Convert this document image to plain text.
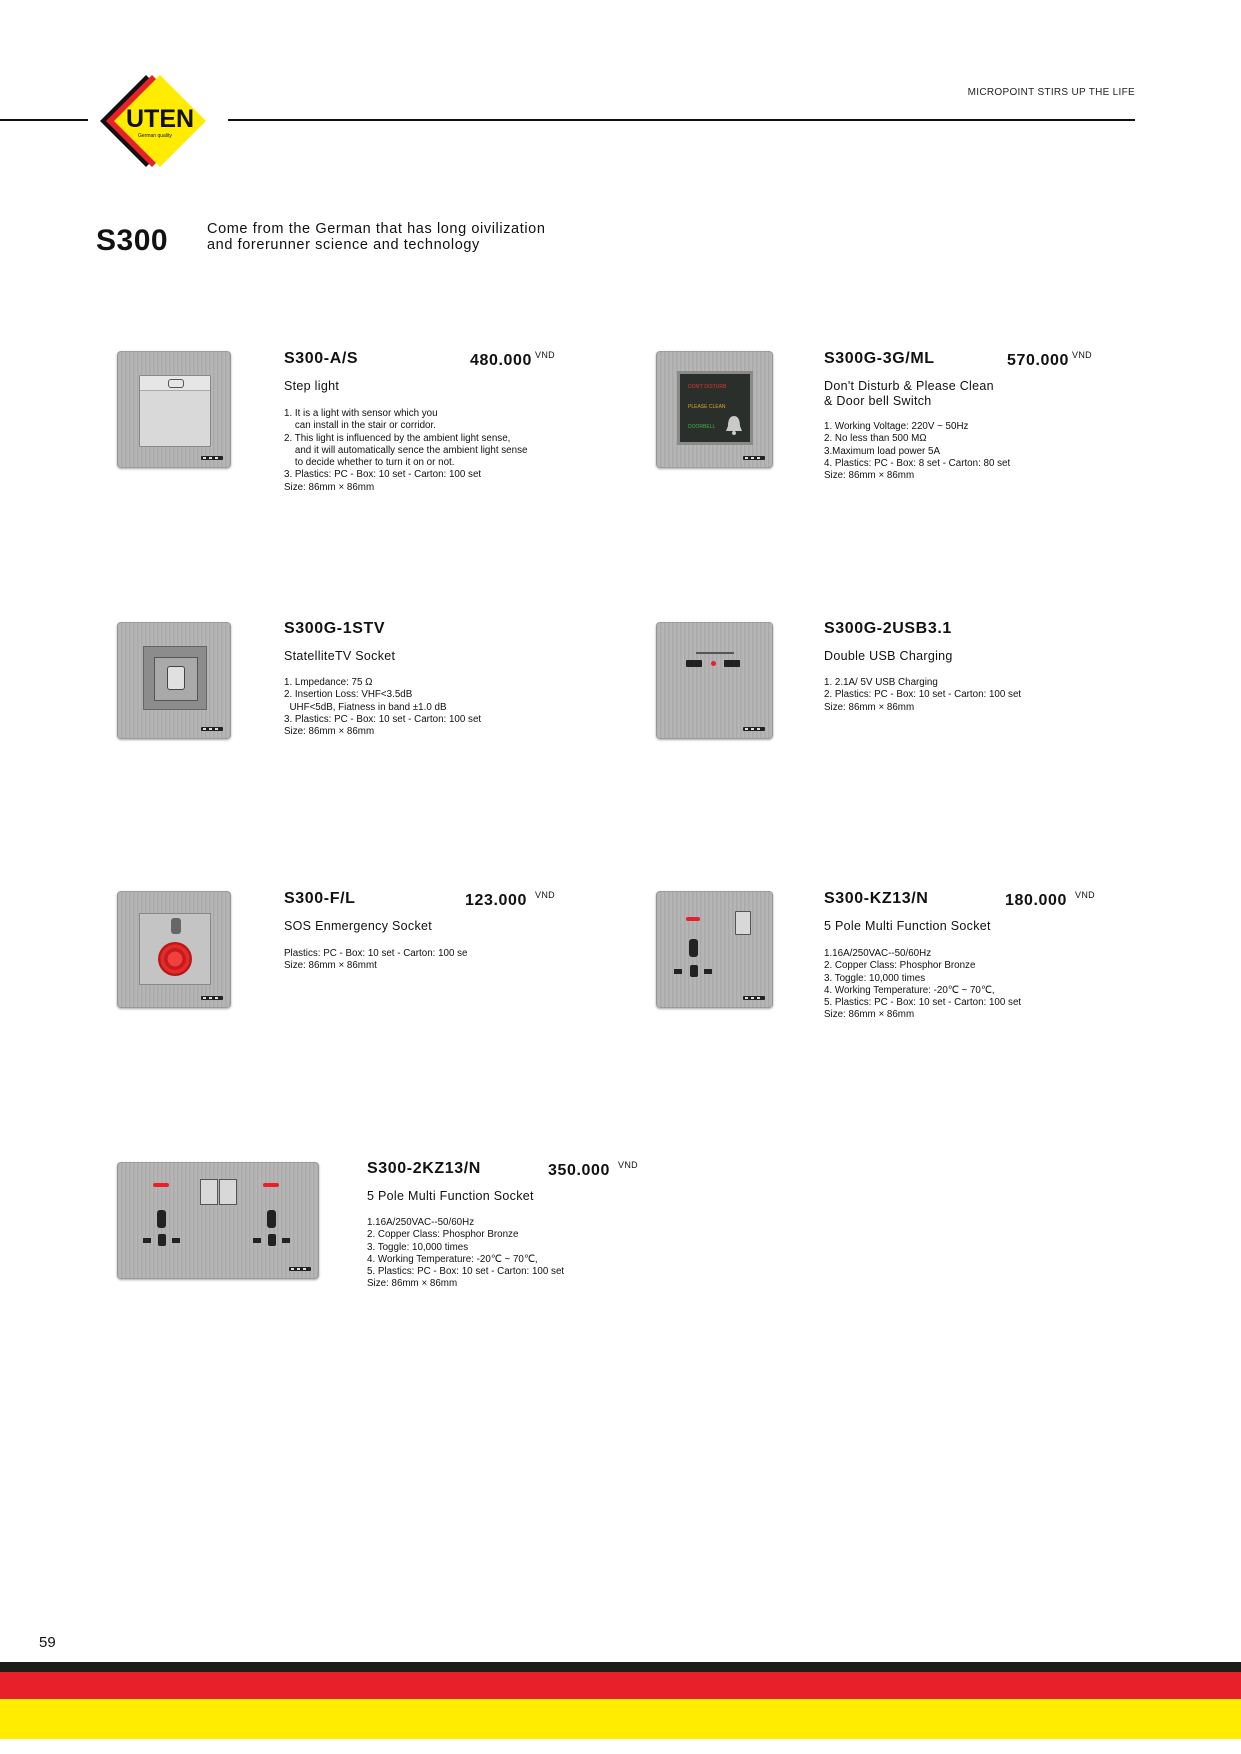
MICROPOINT STIRS UP THE LIFE
UTEN
German quality
S300	Come from the German that has long oivilization
and forerunner science and technology
S300-A/S	480.000 $^{VND}$
Step light
1. It is a light with sensor which you
can install in the stair or corridor.
2. This light is influenced by the ambient light sense,
and it will automatically sence the ambient light sense
to decide whether to turn it on or not.
3. Plastics: PC - Box: 10 set - Carton: 100 set
Size: 86mm × 86mm
DON'T DISTURB
PLEASE CLEAN
DOORBELL
S300G-3G/ML	570.000 $^{VND}$
Don't Disturb & Please Clean
& Door bell Switch
1. Working Voltage: 220V ~ 50Hz
2. No less than 500 MΩ
3.Maximum load power 5A
4. Plastics: PC - Box: 8 set - Carton: 80 set
Size: 86mm × 86mm
S300G-1STV
StatelliteTV Socket
1. Lmpedance: 75 Ω
2. Insertion Loss: VHF<3.5dB
UHF<5dB, Fiatness in band ±1.0 dB
3. Plastics: PC - Box: 10 set - Carton: 100 set
Size: 86mm × 86mm
S300G-2USB3.1
Double USB Charging
1. 2.1A/ 5V USB Charging
2. Plastics: PC - Box: 10 set - Carton: 100 set
Size: 86mm × 86mm
S300-F/L	123.000 $^{VND}$
SOS Enmergency Socket
Plastics: PC - Box: 10 set - Carton: 100 se
Size: 86mm × 86mmt
S300-KZ13/N	180.000 $^{VND}$
5 Pole Multi Function Socket
1.16A/250VAC--50/60Hz
2. Copper Class: Phosphor Bronze
3. Toggle: 10,000 times
4. Working Temperature: -20℃ ~ 70℃,
5. Plastics: PC - Box: 10 set - Carton: 100 set
Size: 86mm × 86mm
S300-2KZ13/N	350.000 $^{VND}$
5 Pole Multi Function Socket
1.16A/250VAC--50/60Hz
2. Copper Class: Phosphor Bronze
3. Toggle: 10,000 times
4. Working Temperature: -20℃ ~ 70℃,
5. Plastics: PC - Box: 10 set - Carton: 100 set
Size: 86mm × 86mm
59
